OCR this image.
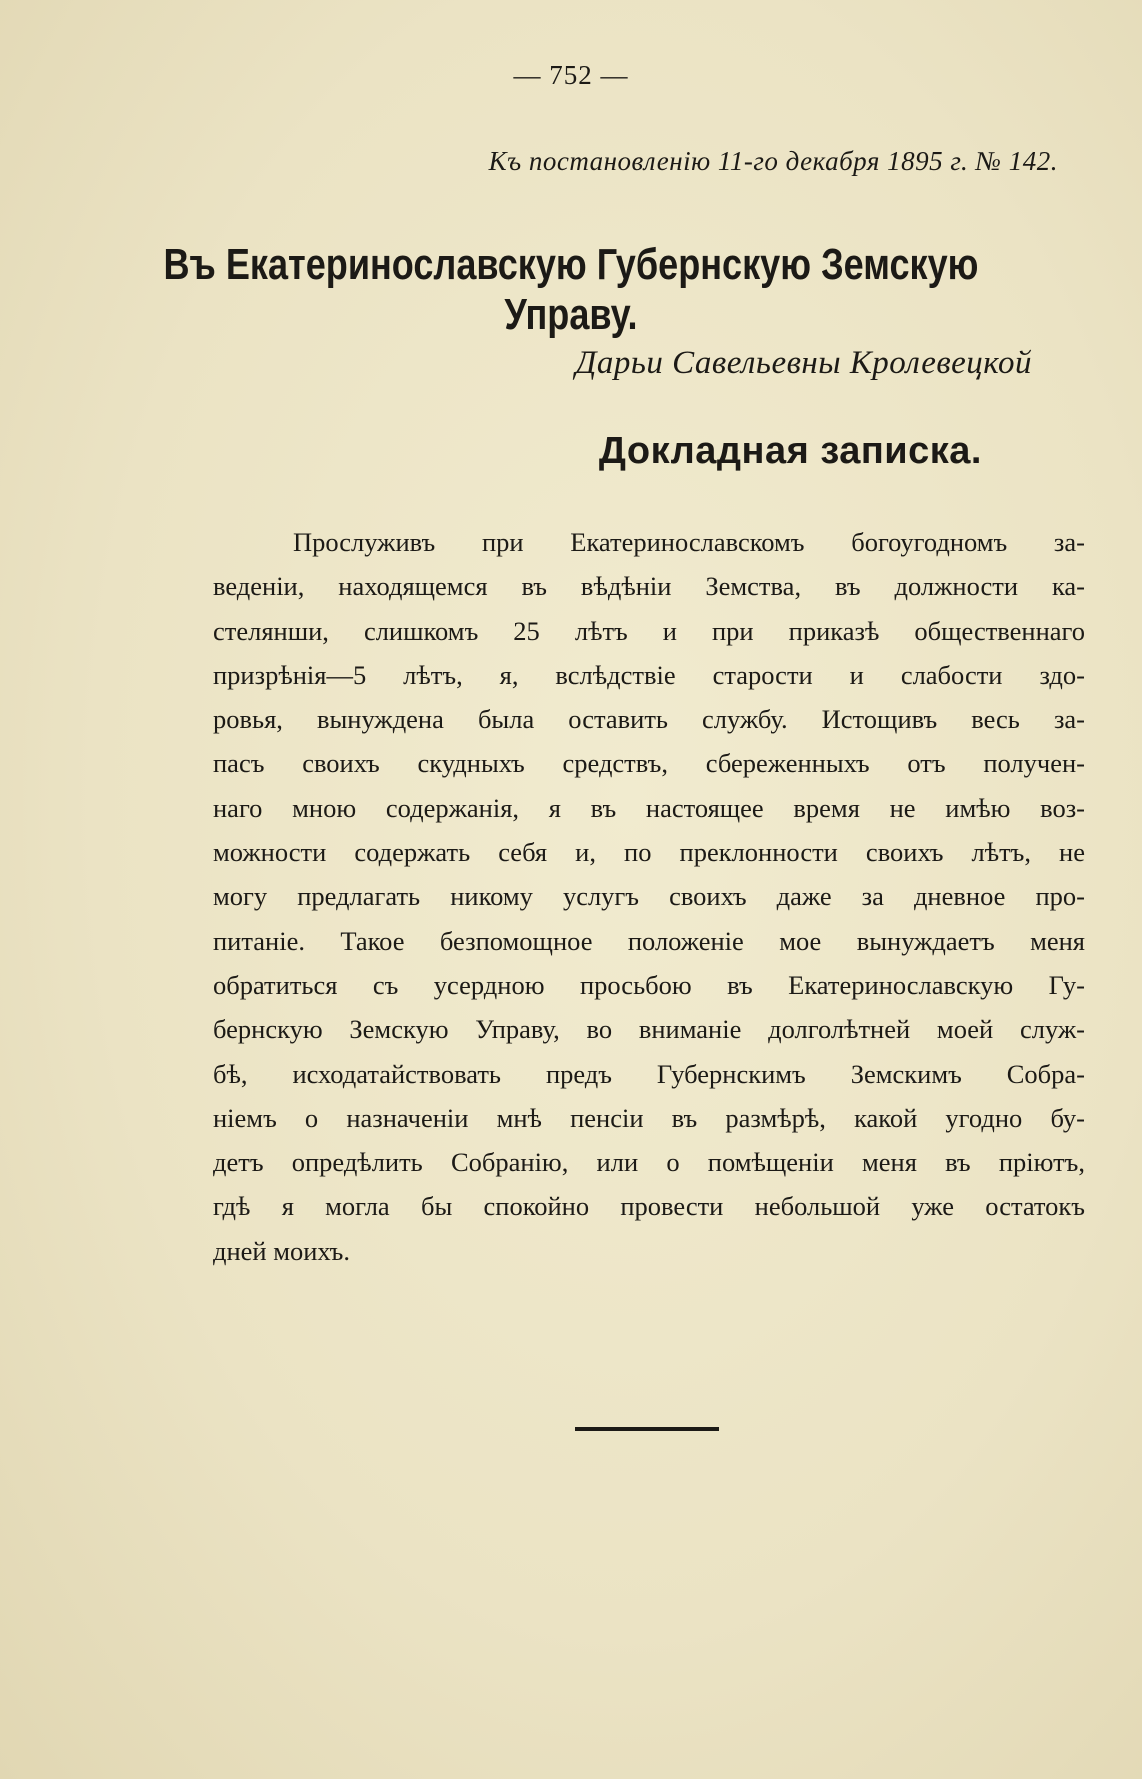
— 752 —
Къ постановленію 11-го декабря 1895 г. № 142.
Въ Екатеринославскую Губернскую Земскую Управу.
Дарьи Савельевны Кролевецкой
Докладная записка.
Прослуживъ при Екатеринославскомъ богоугодномъ за-
веденіи, находящемся въ вѣдѣніи Земства, въ должности ка-
стелянши, слишкомъ 25 лѣтъ и при приказѣ общественнаго
призрѣнія—5 лѣтъ, я, вслѣдствіе старости и слабости здо-
ровья, вынуждена была оставить службу. Истощивъ весь за-
пасъ своихъ скудныхъ средствъ, сбереженныхъ отъ получен-
наго мною содержанія, я въ настоящее время не имѣю воз-
можности содержать себя и, по преклонности своихъ лѣтъ, не
могу предлагать никому услугъ своихъ даже за дневное про-
питаніе. Такое безпомощное положеніе мое вынуждаетъ меня
обратиться съ усердною просьбою въ Екатеринославскую Гу-
бернскую Земскую Управу, во вниманіе долголѣтней моей служ-
бѣ, исходатайствовать предъ Губернскимъ Земскимъ Собра-
ніемъ о назначеніи мнѣ пенсіи въ размѣрѣ, какой угодно бу-
детъ опредѣлить Собранію, или о помѣщеніи меня въ пріютъ,
гдѣ я могла бы спокойно провести небольшой уже остатокъ
дней моихъ.
